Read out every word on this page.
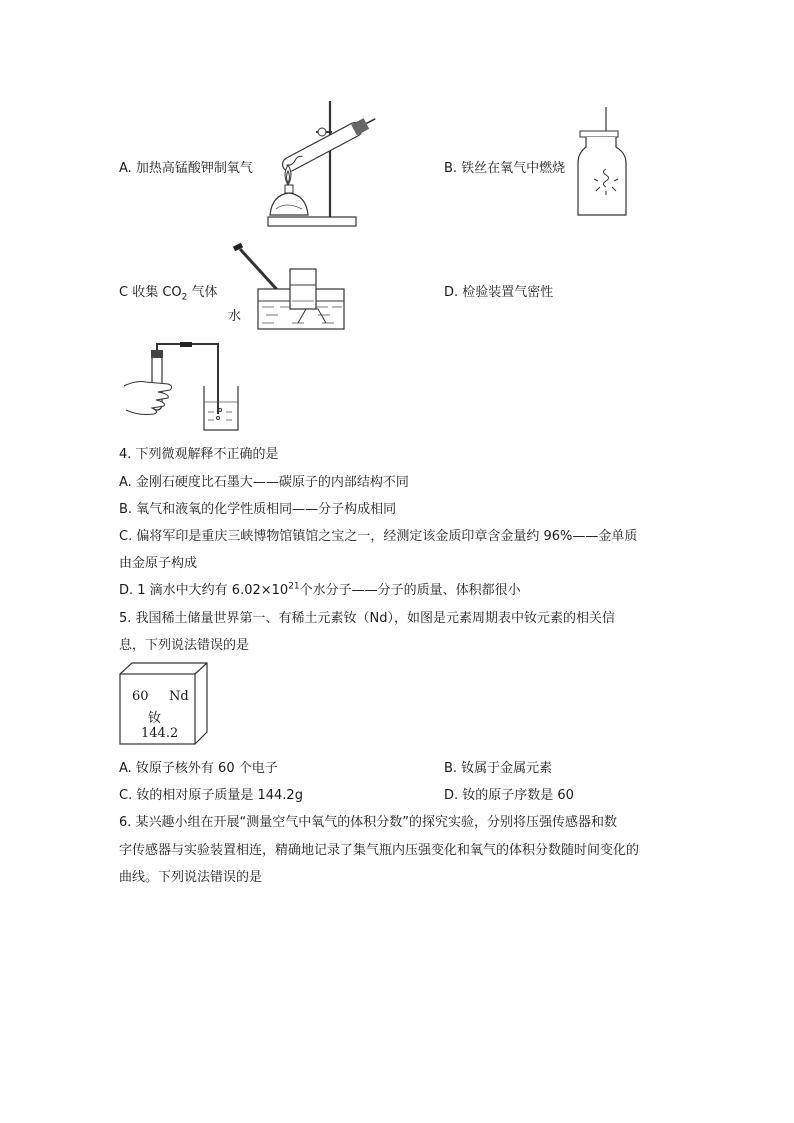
A. 加热高锰酸钾制氧气	B. 铁丝在氧气中燃烧
C 收集 $CO_2$ 气体
水
D. 检验装置气密性
4. 下列微观解释不正确的是
A. 金刚石硬度比石墨大——碳原子的内部结构不同
B. 氧气和液氧的化学性质相同——分子构成相同
C. 偏将军印是重庆三峡博物馆镇馆之宝之一，经测定该金质印章含金量约 96%——金单质
由金原子构成
D. 1 滴水中大约有 $6.02\times 10^{21}$个水分子——分子的质量、体积都很小
5. 我国稀土储量世界第一、有稀土元素钕（Nd），如图是元素周期表中钕元素的相关信
息，下列说法错误的是
60 Nd
钕
144.2
A. 钕原子核外有 60 个电子	B. 钕属于金属元素
C. 钕的相对原子质量是 144.2g	D. 钕的原子序数是 60
6. 某兴趣小组在开展“测量空气中氧气的体积分数”的探究实验，分别将压强传感器和数
字传感器与实验装置相连，精确地记录了集气瓶内压强变化和氧气的体积分数随时间变化的
曲线。下列说法错误的是
